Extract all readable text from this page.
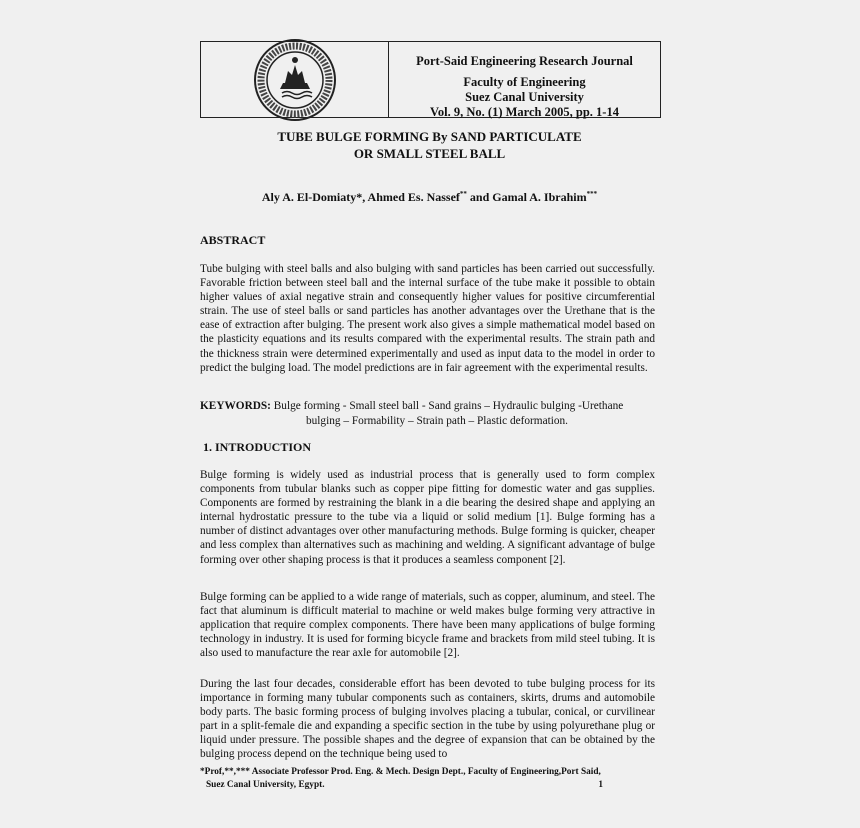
Port-Said Engineering Research Journal
Faculty of Engineering
Suez Canal University
Vol. 9, No. (1) March 2005, pp. 1-14
TUBE BULGE FORMING By SAND PARTICULATE
OR SMALL STEEL BALL
Aly A. El-Domiaty*, Ahmed Es. Nassef** and Gamal A. Ibrahim***
ABSTRACT

Tube bulging with steel balls and also bulging with sand particles has been carried out successfully. Favorable friction between steel ball and the internal surface of the tube make it possible to obtain higher values of axial negative strain and consequently higher values for positive circumferential strain. The use of steel balls or sand particles has another advantages over the Urethane that is the ease of extraction after bulging. The present work also gives a simple mathematical model based on the plasticity equations and its results compared with the experimental results. The strain path and the thickness strain were determined experimentally and used as input data to the model in order to predict the bulging load. The model predictions are in fair agreement with the experimental results.

KEYWORDS: Bulge forming - Small steel ball - Sand grains – Hydraulic bulging -Urethane
bulging – Formability – Strain path – Plastic deformation.
1. INTRODUCTION

Bulge forming is widely used as industrial process that is generally used to form complex components from tubular blanks such as copper pipe fitting for domestic water and gas supplies. Components are formed by restraining the blank in a die bearing the desired shape and applying an internal hydrostatic pressure to the tube via a liquid or solid medium [1]. Bulge forming has a number of distinct advantages over other manufacturing methods. Bulge forming is quicker, cheaper and less complex than alternatives such as machining and welding. A significant advantage of bulge forming over other shaping process is that it produces a seamless component [2].

Bulge forming can be applied to a wide range of materials, such as copper, aluminum, and steel. The fact that aluminum is difficult material to machine or weld makes bulge forming very attractive in application that require complex components. There have been many applications of bulge forming technology in industry. It is used for forming bicycle frame and brackets from mild steel tubing. It is also used to manufacture the rear axle for automobile [2].

During the last four decades, considerable effort has been devoted to tube bulging process for its importance in forming many tubular components such as containers, skirts, drums and automobile body parts. The basic forming process of bulging involves placing a tubular, conical, or curvilinear part in a split-female die and expanding a specific section in the tube by using polyurethane plug or liquid under pressure. The possible shapes and the degree of expansion that can be obtained by the bulging process depend on the technique being used to

*Prof,**,*** Associate Professor Prod. Eng. & Mech. Design Dept., Faculty of Engineering,Port Said,
Suez Canal University, Egypt.	1
